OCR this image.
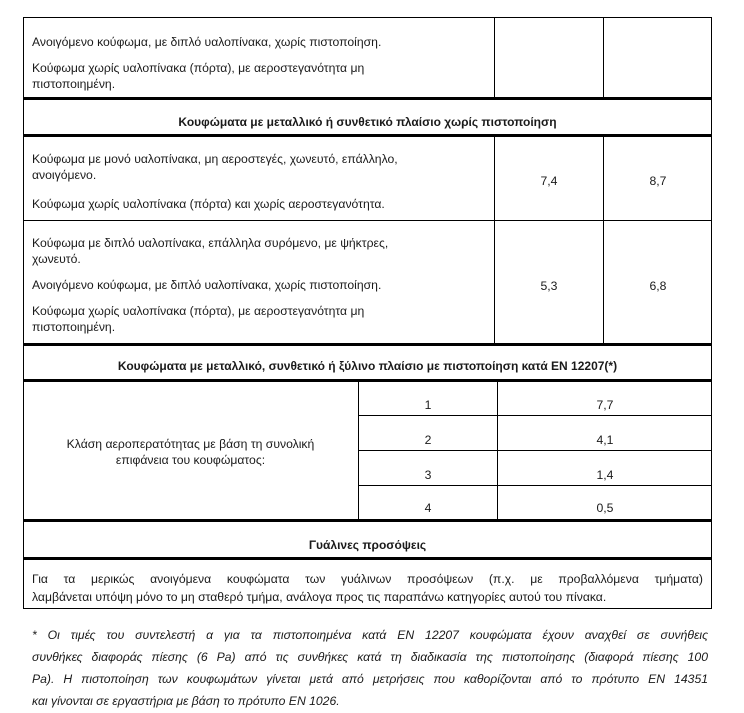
Ανοιγόμενο κούφωμα, με διπλό υαλοπίνακα, χωρίς πιστοποίηση.
Κούφωμα χωρίς υαλοπίνακα (πόρτα), με αεροστεγανότητα μη
πιστοποιημένη.
Κουφώματα με μεταλλικό ή συνθετικό πλαίσιο χωρίς πιστοποίηση
Κούφωμα με μονό υαλοπίνακα, μη αεροστεγές, χωνευτό, επάλληλο,
ανοιγόμενο.
Κούφωμα χωρίς υαλοπίνακα (πόρτα) και χωρίς αεροστεγανότητα.
7,4	8,7
Κούφωμα με διπλό υαλοπίνακα, επάλληλα συρόμενο, με ψήκτρες,
χωνευτό.
Ανοιγόμενο κούφωμα, με διπλό υαλοπίνακα, χωρίς πιστοποίηση.
Κούφωμα χωρίς υαλοπίνακα (πόρτα), με αεροστεγανότητα μη
πιστοποιημένη.
5,3	6,8
Κουφώματα με μεταλλικό, συνθετικό ή ξύλινο πλαίσιο με πιστοποίηση κατά EN 12207(*)
Κλάση αεροπερατότητας με βάση τη συνολική
επιφάνεια του κουφώματος:
1	7,7
2	4,1
3	1,4
4	0,5
Γυάλινες προσόψεις
Για τα μερικώς ανοιγόμενα κουφώματα των γυάλινων προσόψεων (π.χ. με προβαλλόμενα τμήματα)
λαμβάνεται υπόψη μόνο το μη σταθερό τμήμα, ανάλογα προς τις παραπάνω κατηγορίες αυτού του πίνακα.
* Οι τιμές του συντελεστή α για τα πιστοποιημένα κατά EN 12207 κουφώματα έχουν αναχθεί σε συνήθεις
συνθήκες διαφοράς πίεσης (6 Pa) από τις συνθήκες κατά τη διαδικασία της πιστοποίησης (διαφορά πίεσης 100
Pa). Η πιστοποίηση των κουφωμάτων γίνεται μετά από μετρήσεις που καθορίζονται από το πρότυπο EN 14351
και γίνονται σε εργαστήρια με βάση το πρότυπο EN 1026.
